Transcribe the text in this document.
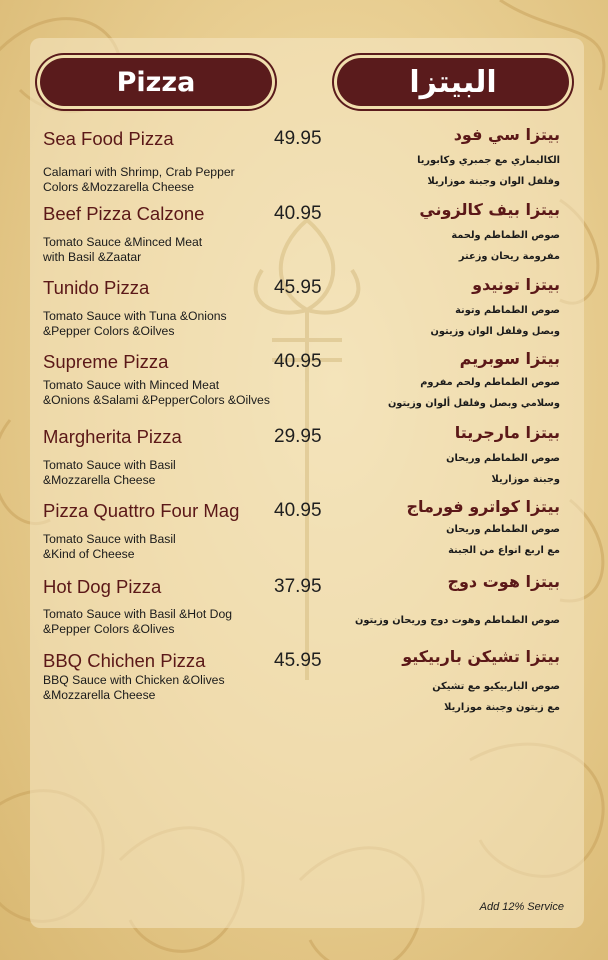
Pizza	البيتزا
Sea Food Pizza	49.95
Calamari with Shrimp, Crab Pepper
Colors &Mozzarella Cheese
بيتزا سي فود
الكاليماري مع جمبري وكابوريا
وفلفل الوان وجبنة موزاريلا
Beef Pizza Calzone	40.95
Tomato Sauce &Minced Meat
with Basil &Zaatar
بيتزا بيف كالزوني
صوص الطماطم ولحمة
مفرومة ريحان وزعتر
Tunido Pizza	45.95
Tomato Sauce with Tuna &Onions
&Pepper Colors &Oilves
بيتزا تونيدو
صوص الطماطم وتونة
وبصل وفلفل الوان وزيتون
Supreme Pizza	40.95
Tomato Sauce with Minced Meat
&Onions &Salami &PepperColors &Oilves
بيتزا سوبريم
صوص الطماطم ولحم مفروم
وسلامي وبصل وفلفل ألوان وزيتون
Margherita Pizza	29.95
Tomato Sauce with Basil
&Mozzarella Cheese
بيتزا مارجريتا
صوص الطماطم وريحان
وجبنة موزاريلا
Pizza Quattro Four Mag	40.95
Tomato Sauce with Basil
&Kind of Cheese
بيتزا كواترو فورماج
صوص الطماطم وريحان
مع اربع انواع من الجبنة
Hot Dog Pizza	37.95
Tomato Sauce with Basil &Hot Dog
&Pepper Colors &Olives
بيتزا هوت دوج
صوص الطماطم وهوت دوج وريحان وزيتون
BBQ Chichen Pizza	45.95
BBQ Sauce with Chicken &Olives
&Mozzarella Cheese
بيتزا تشيكن باربيكيو
صوص الباربيكيو مع تشيكن
مع زيتون وجبنة موزاريلا
Add 12% Service
